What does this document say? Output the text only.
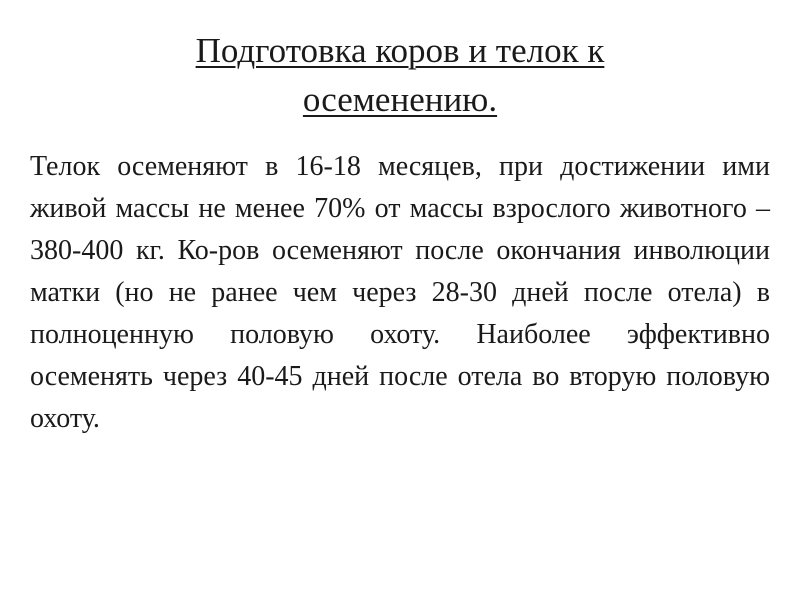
Подготовка коров и телок к
осеменению.

Телок осеменяют в 16-18 месяцев, при достижении ими живой массы не менее 70% от массы взрослого животного – 380-400 кг. Ко-ров осеменяют после окончания инволюции матки (но не ранее чем через 28-30 дней после отела) в полноценную половую охоту. Наиболее эффективно осеменять через 40-45 дней после отела во вторую половую охоту.
